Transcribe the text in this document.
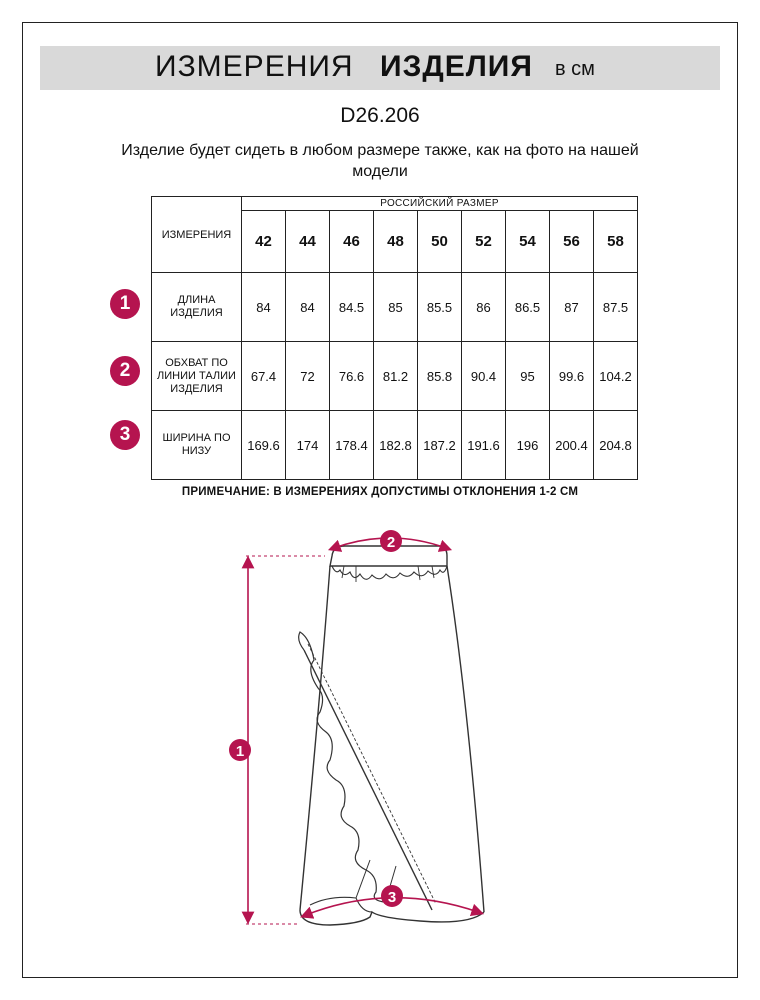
ИЗМЕРЕНИЯ ИЗДЕЛИЯ в см
D26.206
Изделие будет сидеть в любом размере также, как на фото на нашей модели
ИЗМЕРЕНИЯ	РОССИЙСКИЙ РАЗМЕР								
	42	44	46	48	50	52	54	56	58
ДЛИНА ИЗДЕЛИЯ	84	84	84.5	85	85.5	86	86.5	87	87.5
ОБХВАТ ПО ЛИНИИ ТАЛИИ ИЗДЕЛИЯ	67.4	72	76.6	81.2	85.8	90.4	95	99.6	104.2
ШИРИНА ПО НИЗУ	169.6	174	178.4	182.8	187.2	191.6	196	200.4	204.8
1
2
3
ПРИМЕЧАНИЕ: В ИЗМЕРЕНИЯХ ДОПУСТИМЫ ОТКЛОНЕНИЯ 1-2 СМ
1
2
3
